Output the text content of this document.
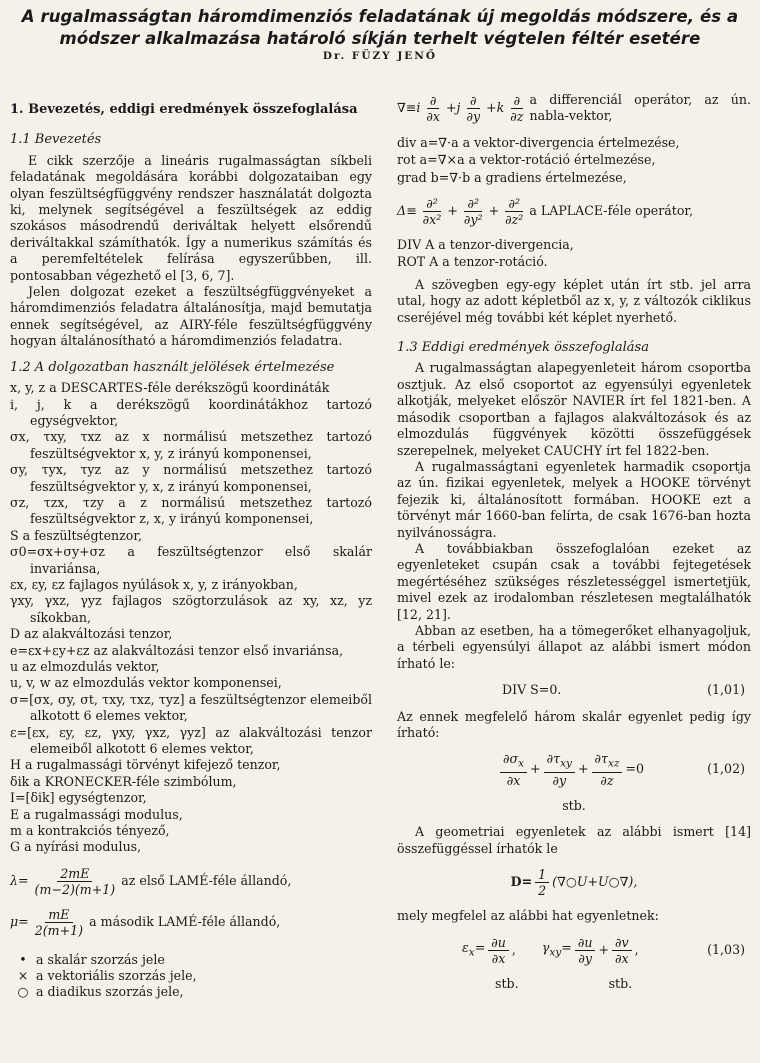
A rugalmasságtan háromdimenziós feladatának új megoldás módszere, és a módszer alkalmazása határoló síkján terhelt végtelen féltér esetére
Dr. FÜZY JENŐ

1. Bevezetés, eddigi eredmények összefoglalása

1.1 Bevezetés

E cikk szerzője a lineáris rugalmasságtan síkbeli feladatának megoldására korábbi dolgozataiban egy olyan feszültségfüggvény rendszer használatát dolgozta ki, melynek segítségével a feszültségek az eddig szokásos másodrendű deriváltak helyett elsőrendű deriváltakkal számíthatók. Így a numerikus számítás és a peremfeltételek felírása egyszerűbben, ill. pontosabban végezhető el [3, 6, 7].

Jelen dolgozat ezeket a feszültségfüggvényeket a háromdimenziós feladatra általánosítja, majd bemutatja ennek segítségével, az AIRY-féle feszültségfüggvény hogyan általánosítható a háromdimenziós feladatra.

1.2 A dolgozatban használt jelölések értelmezése

x, y, z a DESCARTES-féle derékszögű koordináták

i, j, k a derékszögű koordinátákhoz tartozó egységvektor,

σx, τxy, τxz az x normálisú metszethez tartozó feszültségvektor x, y, z irányú komponensei,

σy, τyx, τyz az y normálisú metszethez tartozó feszültségvektor y, x, z irányú komponensei,

σz, τzx, τzy a z normálisú metszethez tartozó feszültségvektor z, x, y irányú komponensei,

S a feszültségtenzor,

σ0=σx+σy+σz a feszültségtenzor első skalár invariánsa,

εx, εy, εz fajlagos nyúlások x, y, z irányokban,

γxy, γxz, γyz fajlagos szögtorzulások az xy, xz, yz síkokban,

D az alakváltozási tenzor,

e=εx+εy+εz az alakváltozási tenzor első invariánsa,

u az elmozdulás vektor,

u, v, w az elmozdulás vektor komponensei,

σ=[σx, σy, σt, τxy, τxz, τyz] a feszültségtenzor elemeiből alkotott 6 elemes vektor,

ε=[εx, εy, εz, γxy, γxz, γyz] az alakváltozási tenzor elemeiből alkotott 6 elemes vektor,

H a rugalmassági törvényt kifejező tenzor,

δik a KRONECKER-féle szimbólum,

I=[δik] egységtenzor,

E a rugalmassági modulus,

m a kontrakciós tényező,

G a nyírási modulus,

$\lambda= \frac{2mE}{(m-2)(m+1)}$ az első LAMÉ-féle állandó,

$\mu= \frac{mE}{2(m+1)}$ a második LAMÉ-féle állandó,

• a skalár szorzás jele
× a vektoriális szorzás jele,
○ a diadikus szorzás jele,

$\nabla\equiv i \frac{\partial}{\partial x} +j \frac{\partial}{\partial y} +k \frac{\partial}{\partial z}$ a differenciál operátor, az ún. nabla-vektor,

div a=∇·a a vektor-divergencia értelmezése,

rot a=∇×a a vektor-rotáció értelmezése,

grad b=∇·b a gradiens értelmezése,

$\Delta\equiv \frac{\text{∂²}}{\text{∂x²}} + \frac{\text{∂²}}{\text{∂y²}} + \frac{\text{∂²}}{\text{∂z²}}$ a LAPLACE-féle operátor,

DIV A a tenzor-divergencia,

ROT A a tenzor-rotáció.

A szövegben egy-egy képlet után írt stb. jel arra utal, hogy az adott képletből az x, y, z változók ciklikus cseréjével még további két képlet nyerhető.

1.3 Eddigi eredmények összefoglalása

A rugalmasságtan alapegyenleteit három csoportba osztjuk. Az első csoportot az egyensúlyi egyenletek alkotják, melyeket először NAVIER írt fel 1821-ben. A második csoportban a fajlagos alakváltozások és az elmozdulás függvények közötti összefüggések szerepelnek, melyeket CAUCHY írt fel 1822-ben.

A rugalmasságtani egyenletek harmadik csoportja az ún. fizikai egyenletek, melyek a HOOKE törvényt fejezik ki, általánosított formában. HOOKE ezt a törvényt már 1660-ban felírta, de csak 1676-ban hozta nyilvánosságra.

A továbbiakban összefoglalóan ezeket az egyenleteket csupán csak a további fejtegetések megértéséhez szükséges részletességgel ismertetjük, mivel ezek az irodalomban részletesen megtalálhatók [12, 21].

Abban az esetben, ha a tömegerőket elhanyagoljuk, a térbeli egyensúlyi állapot az alábbi ismert módon írható le:

DIV S=0.	(1,01)

Az ennek megfelelő három skalár egyenlet pedig így írható:

$\frac{\partial\sigma_x}{\partial x} + \frac{\partial\tau_{xy}}{\partial y} + \frac{\partial\tau_{xz}}{\partial z} =0$	(1,02)

stb.

A geometriai egyenletek az alábbi ismert [14] összefüggéssel írhatók le

$D= \frac{1}{2}$ (∇○U+U○∇),

mely megfelel az alábbi hat egyenletnek:

$\varepsilon_x= \frac{\partial u}{\partial x}$ , $\gamma_{xy}= \frac{\partial u}{\partial y} + \frac{\partial v}{\partial x}$ ,	(1,03)

stb.	stb.
